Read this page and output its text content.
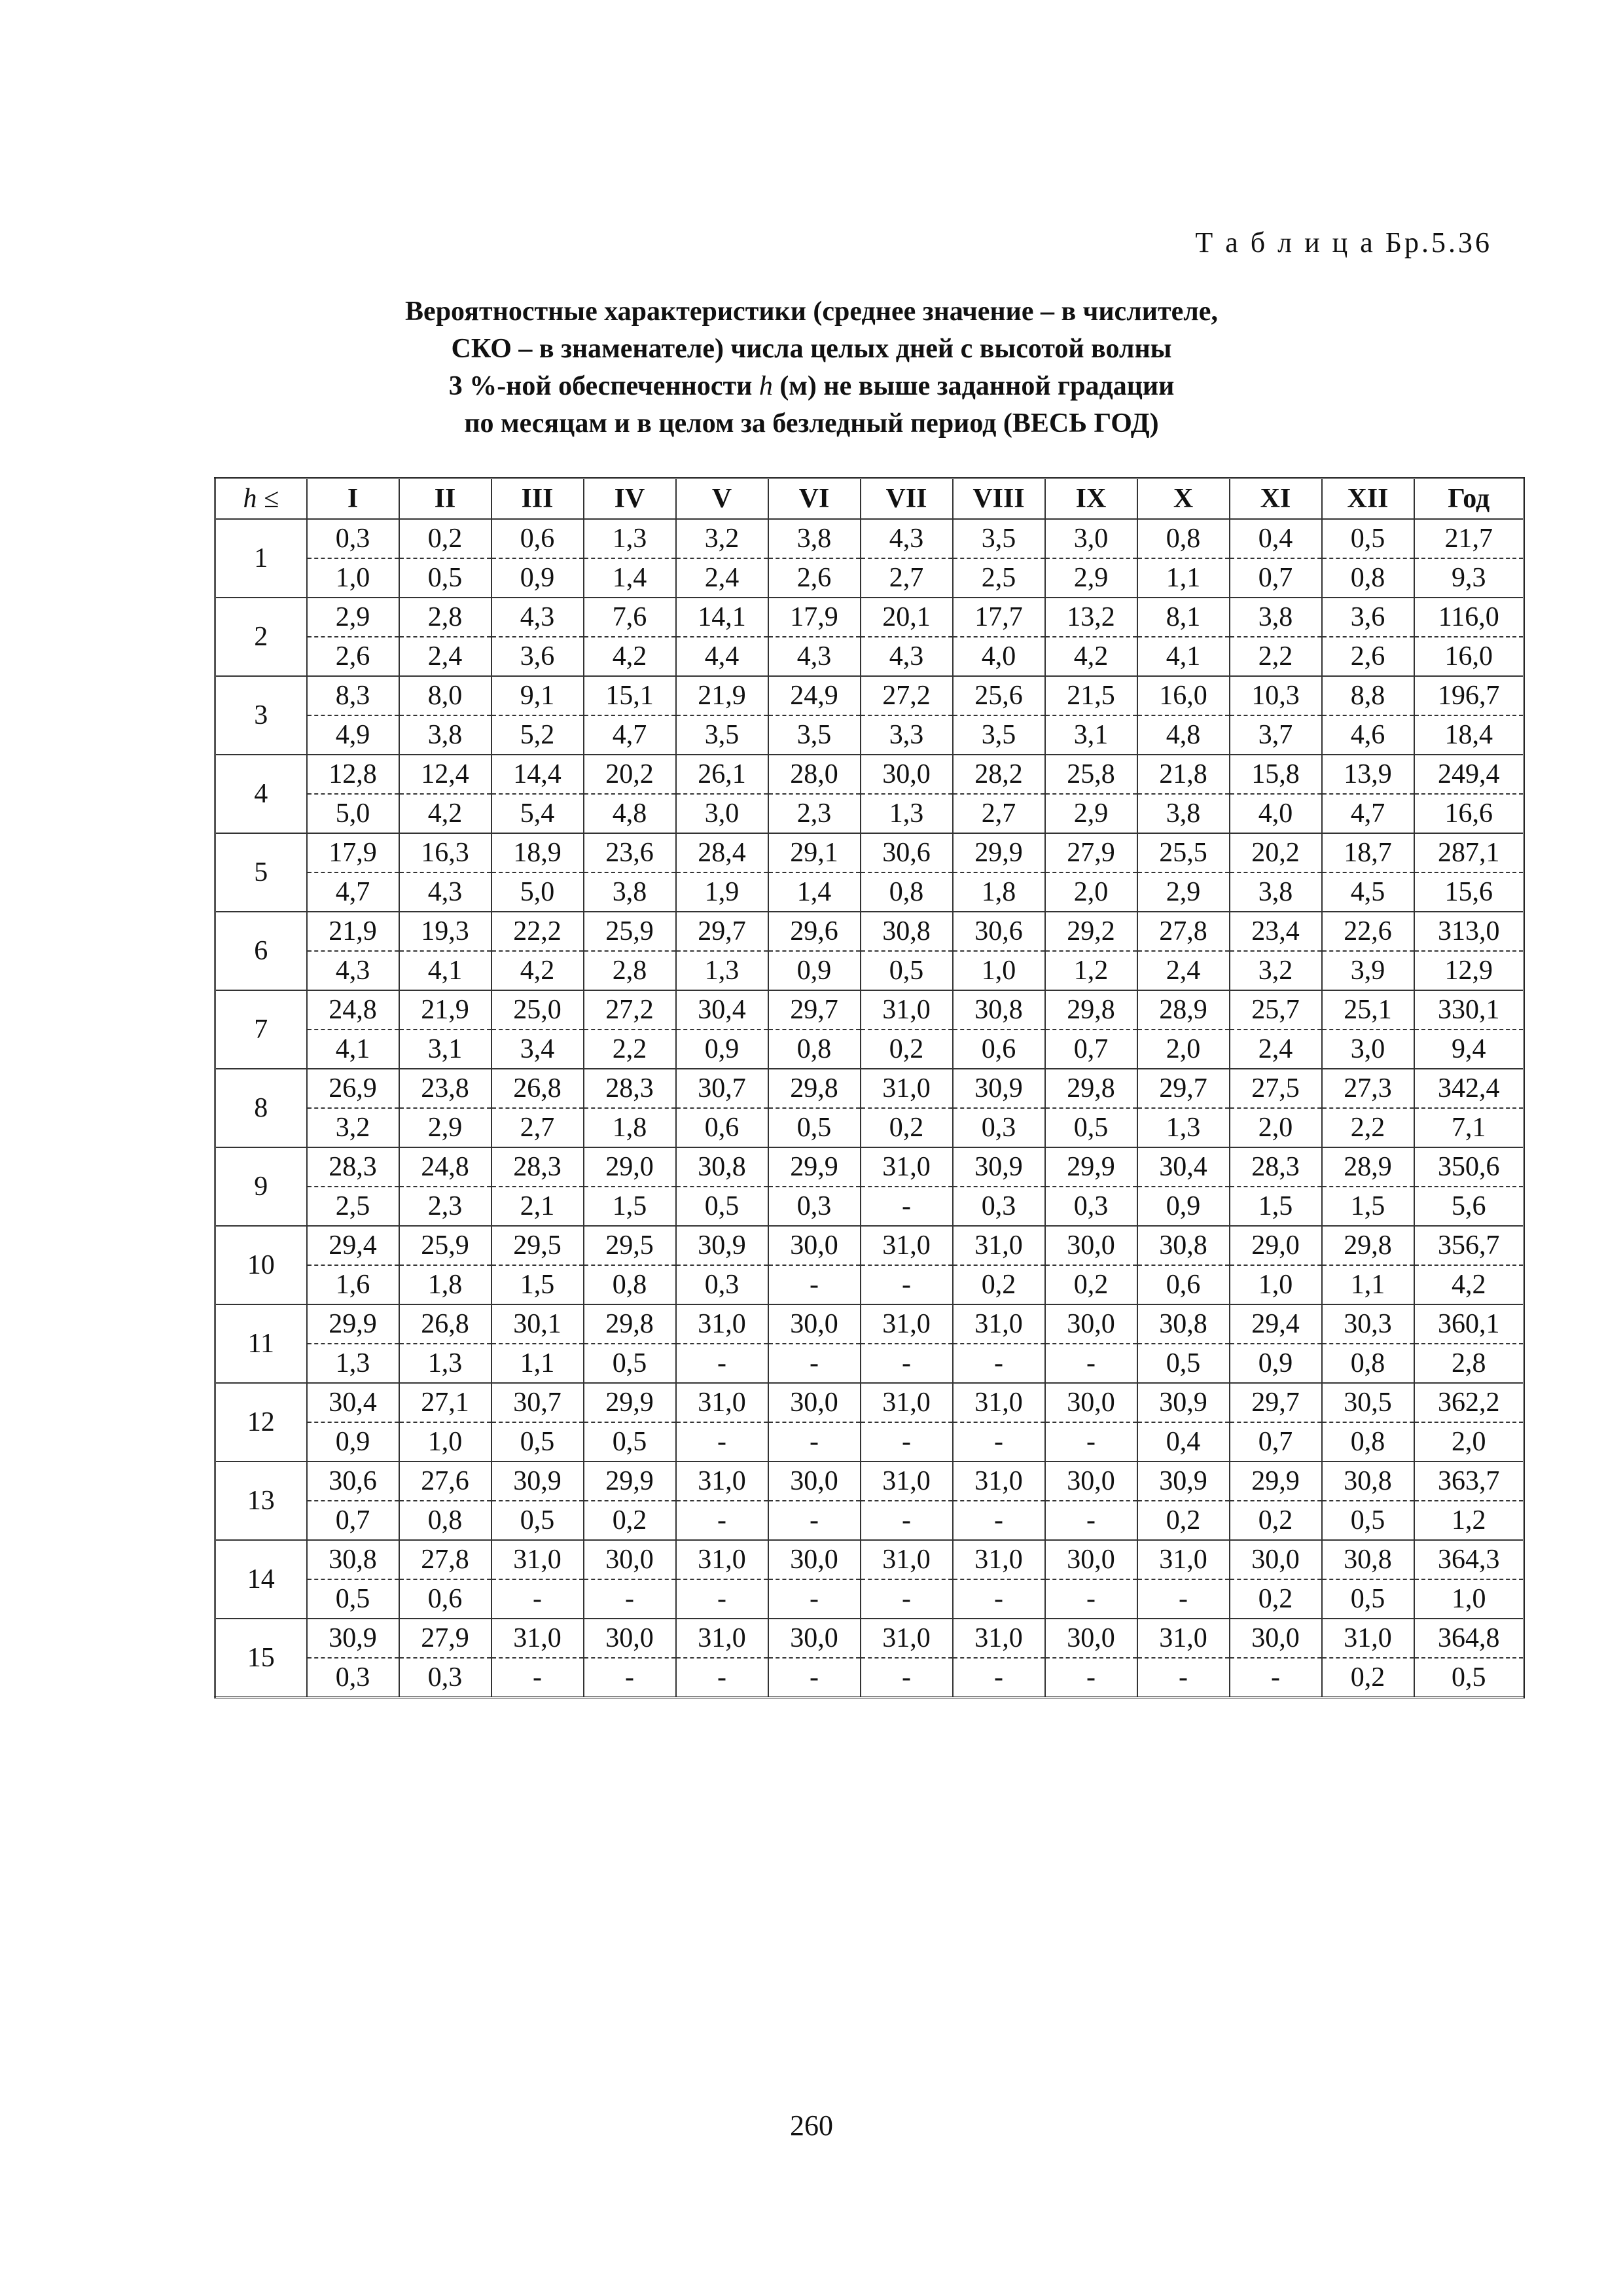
Т а б л и ц а Бр.5.36
Вероятностные характеристики (среднее значение – в числителе,
СКО – в знаменателе) числа целых дней с высотой волны
3 %-ной обеспеченности h (м) не выше заданной градации
по месяцам и в целом за безледный период (ВЕСЬ ГОД)
h ≤	I	II	III	IV	V	VI	VII	VIII	IX	X	XI	XII	Год
1	0,3	0,2	0,6	1,3	3,2	3,8	4,3	3,5	3,0	0,8	0,4	0,5	21,7
	1,0	0,5	0,9	1,4	2,4	2,6	2,7	2,5	2,9	1,1	0,7	0,8	9,3
2	2,9	2,8	4,3	7,6	14,1	17,9	20,1	17,7	13,2	8,1	3,8	3,6	116,0
	2,6	2,4	3,6	4,2	4,4	4,3	4,3	4,0	4,2	4,1	2,2	2,6	16,0
3	8,3	8,0	9,1	15,1	21,9	24,9	27,2	25,6	21,5	16,0	10,3	8,8	196,7
	4,9	3,8	5,2	4,7	3,5	3,5	3,3	3,5	3,1	4,8	3,7	4,6	18,4
4	12,8	12,4	14,4	20,2	26,1	28,0	30,0	28,2	25,8	21,8	15,8	13,9	249,4
	5,0	4,2	5,4	4,8	3,0	2,3	1,3	2,7	2,9	3,8	4,0	4,7	16,6
5	17,9	16,3	18,9	23,6	28,4	29,1	30,6	29,9	27,9	25,5	20,2	18,7	287,1
	4,7	4,3	5,0	3,8	1,9	1,4	0,8	1,8	2,0	2,9	3,8	4,5	15,6
6	21,9	19,3	22,2	25,9	29,7	29,6	30,8	30,6	29,2	27,8	23,4	22,6	313,0
	4,3	4,1	4,2	2,8	1,3	0,9	0,5	1,0	1,2	2,4	3,2	3,9	12,9
7	24,8	21,9	25,0	27,2	30,4	29,7	31,0	30,8	29,8	28,9	25,7	25,1	330,1
	4,1	3,1	3,4	2,2	0,9	0,8	0,2	0,6	0,7	2,0	2,4	3,0	9,4
8	26,9	23,8	26,8	28,3	30,7	29,8	31,0	30,9	29,8	29,7	27,5	27,3	342,4
	3,2	2,9	2,7	1,8	0,6	0,5	0,2	0,3	0,5	1,3	2,0	2,2	7,1
9	28,3	24,8	28,3	29,0	30,8	29,9	31,0	30,9	29,9	30,4	28,3	28,9	350,6
	2,5	2,3	2,1	1,5	0,5	0,3	-	0,3	0,3	0,9	1,5	1,5	5,6
10	29,4	25,9	29,5	29,5	30,9	30,0	31,0	31,0	30,0	30,8	29,0	29,8	356,7
	1,6	1,8	1,5	0,8	0,3	-	-	0,2	0,2	0,6	1,0	1,1	4,2
11	29,9	26,8	30,1	29,8	31,0	30,0	31,0	31,0	30,0	30,8	29,4	30,3	360,1
	1,3	1,3	1,1	0,5	-	-	-	-	-	0,5	0,9	0,8	2,8
12	30,4	27,1	30,7	29,9	31,0	30,0	31,0	31,0	30,0	30,9	29,7	30,5	362,2
	0,9	1,0	0,5	0,5	-	-	-	-	-	0,4	0,7	0,8	2,0
13	30,6	27,6	30,9	29,9	31,0	30,0	31,0	31,0	30,0	30,9	29,9	30,8	363,7
	0,7	0,8	0,5	0,2	-	-	-	-	-	0,2	0,2	0,5	1,2
14	30,8	27,8	31,0	30,0	31,0	30,0	31,0	31,0	30,0	31,0	30,0	30,8	364,3
	0,5	0,6	-	-	-	-	-	-	-	-	0,2	0,5	1,0
15	30,9	27,9	31,0	30,0	31,0	30,0	31,0	31,0	30,0	31,0	30,0	31,0	364,8
	0,3	0,3	-	-	-	-	-	-	-	-	-	0,2	0,5
260
